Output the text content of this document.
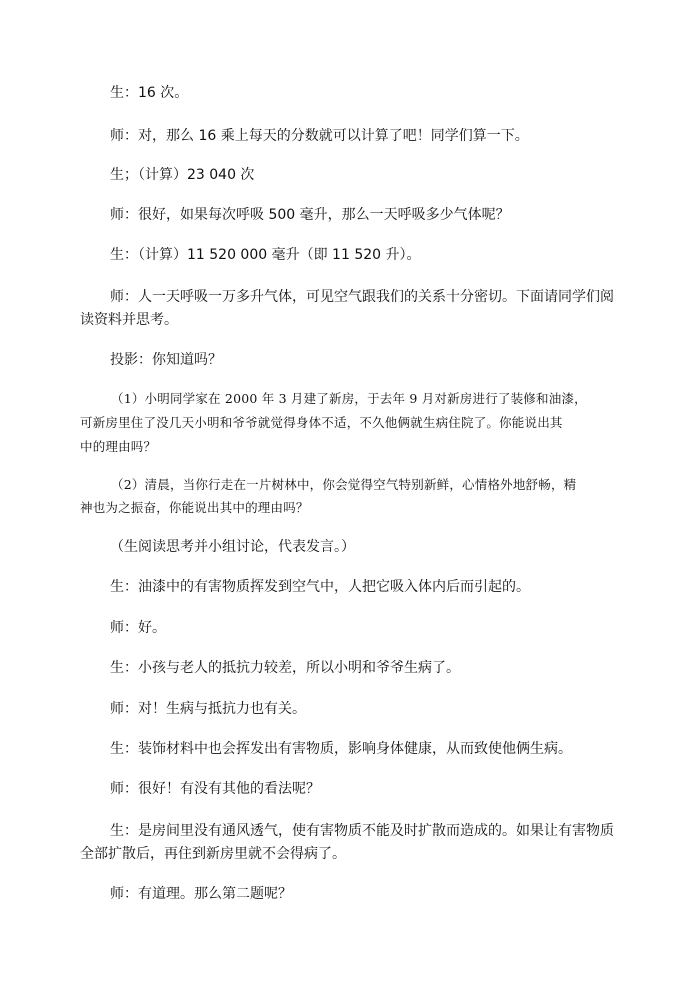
生：16 次。
师：对，那么 16 乘上每天的分数就可以计算了吧！同学们算一下。
生；（计算）23 040 次
师：很好，如果每次呼吸 500 毫升，那么一天呼吸多少气体呢？
生：（计算）11 520 000 毫升（即 11 520 升）。
师：人一天呼吸一万多升气体，可见空气跟我们的关系十分密切。下面请同学们阅
读资料并思考。
投影：你知道吗？
（1）小明同学家在 2000 年 3 月建了新房，于去年 9 月对新房进行了装修和油漆，
可新房里住了没几天小明和爷爷就觉得身体不适，不久他俩就生病住院了。你能说出其
中的理由吗？
（2）清晨，当你行走在一片树林中，你会觉得空气特别新鲜，心情格外地舒畅，精
神也为之振奋，你能说出其中的理由吗？
（生阅读思考并小组讨论，代表发言。）
生：油漆中的有害物质挥发到空气中，人把它吸入体内后而引起的。
师：好。
生：小孩与老人的抵抗力较差，所以小明和爷爷生病了。
师：对！生病与抵抗力也有关。
生：装饰材料中也会挥发出有害物质，影响身体健康，从而致使他俩生病。
师：很好！有没有其他的看法呢？
生：是房间里没有通风透气，使有害物质不能及时扩散而造成的。如果让有害物质
全部扩散后，再住到新房里就不会得病了。
师：有道理。那么第二题呢？
